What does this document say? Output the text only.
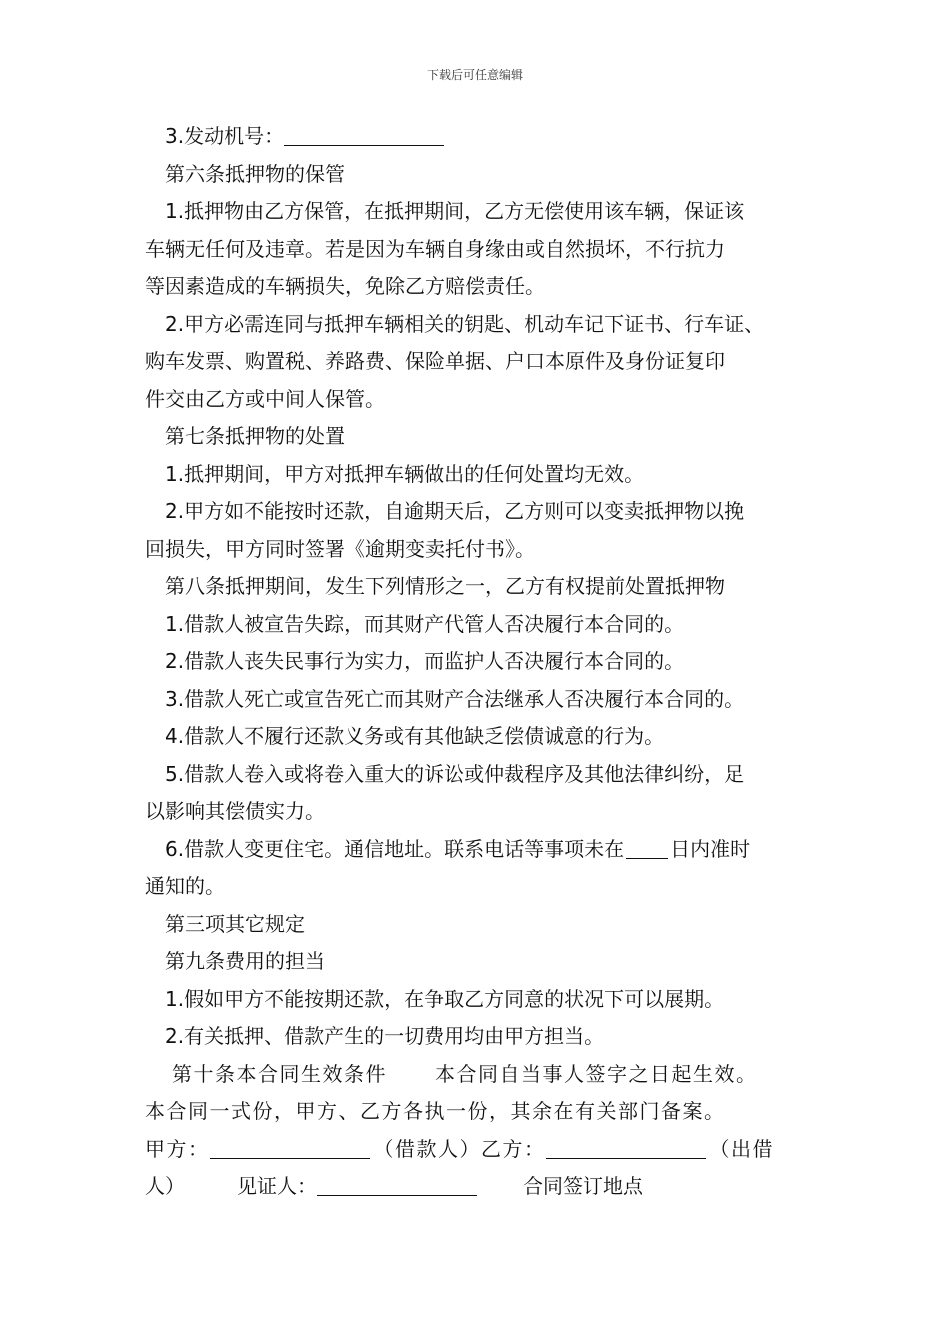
下载后可任意编辑
3.发动机号：
第六条抵押物的保管
1.抵押物由乙方保管，在抵押期间，乙方无偿使用该车辆，保证该
车辆无任何及违章。若是因为车辆自身缘由或自然损坏，不行抗力
等因素造成的车辆损失，免除乙方赔偿责任。
2.甲方必需连同与抵押车辆相关的钥匙、机动车记下证书、行车证、
购车发票、购置税、养路费、保险单据、户口本原件及身份证复印
件交由乙方或中间人保管。
第七条抵押物的处置
1.抵押期间，甲方对抵押车辆做出的任何处置均无效。
2.甲方如不能按时还款，自逾期天后，乙方则可以变卖抵押物以挽
回损失，甲方同时签署《逾期变卖托付书》。
第八条抵押期间，发生下列情形之一，乙方有权提前处置抵押物
1.借款人被宣告失踪，而其财产代管人否决履行本合同的。
2.借款人丧失民事行为实力，而监护人否决履行本合同的。
3.借款人死亡或宣告死亡而其财产合法继承人否决履行本合同的。
4.借款人不履行还款义务或有其他缺乏偿债诚意的行为。
5.借款人卷入或将卷入重大的诉讼或仲裁程序及其他法律纠纷，足
以影响其偿债实力。
6.借款人变更住宅。通信地址。联系电话等事项未在 日内准时
通知的。
第三项其它规定
第九条费用的担当
1.假如甲方不能按期还款，在争取乙方同意的状况下可以展期。
2.有关抵押、借款产生的一切费用均由甲方担当。
第十条本合同生效条件 本合同自当事人签字之日起生效。
本合同一式份，甲方、乙方各执一份，其余在有关部门备案。
甲方：	（借款人）乙方：	（出借
人）	见证人：	合同签订地点
